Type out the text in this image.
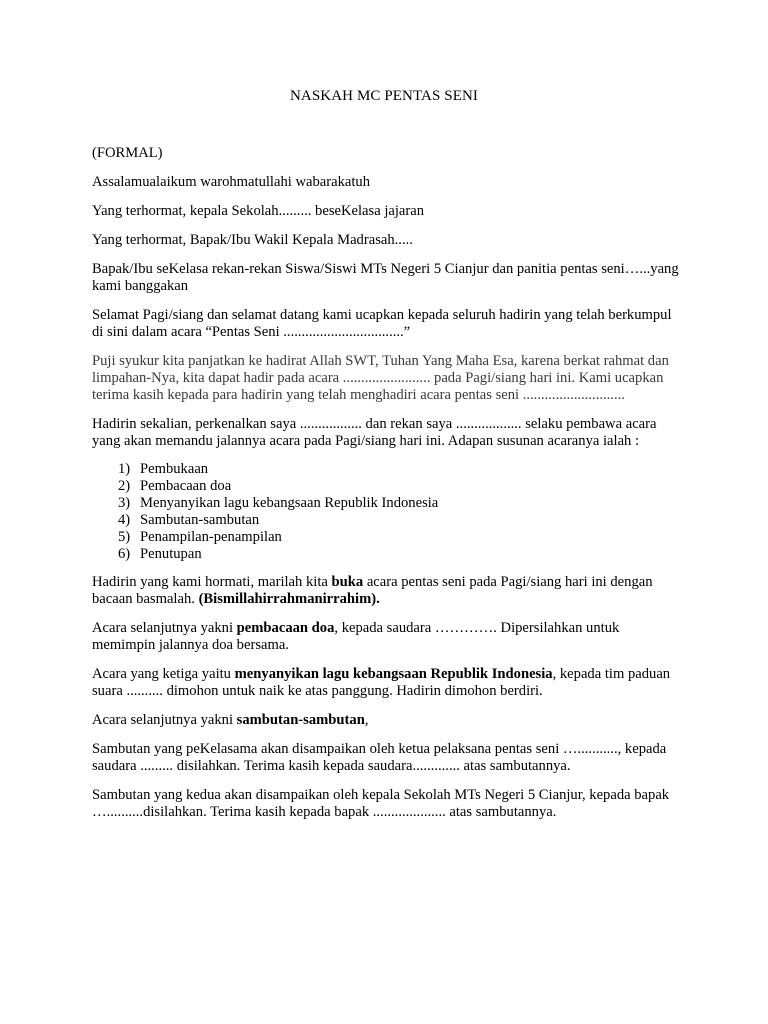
NASKAH MC PENTAS SENI

(FORMAL)

Assalamualaikum warohmatullahi wabarakatuh

Yang terhormat, kepala Sekolah......... beseKelasa jajaran

Yang terhormat, Bapak/Ibu Wakil Kepala Madrasah.....

Bapak/Ibu seKelasa rekan-rekan Siswa/Siswi MTs Negeri 5 Cianjur dan panitia pentas seni…...yang kami banggakan

Selamat Pagi/siang dan selamat datang kami ucapkan kepada seluruh hadirin yang telah berkumpul di sini dalam acara “Pentas Seni .................................”

Puji syukur kita panjatkan ke hadirat Allah SWT, Tuhan Yang Maha Esa, karena berkat rahmat dan limpahan-Nya, kita dapat hadir pada acara ........................ pada Pagi/siang hari ini. Kami ucapkan terima kasih kepada para hadirin yang telah menghadiri acara pentas seni ............................

Hadirin sekalian, perkenalkan saya ................. dan rekan saya .................. selaku pembawa acara yang akan memandu jalannya acara pada Pagi/siang hari ini. Adapan susunan acaranya ialah :

1) Pembukaan
2) Pembacaan doa
3) Menyanyikan lagu kebangsaan Republik Indonesia
4) Sambutan-sambutan
5) Penampilan-penampilan
6) Penutupan

Hadirin yang kami hormati, marilah kita buka acara pentas seni pada Pagi/siang hari ini dengan bacaan basmalah. (Bismillahirrahmanirrahim).

Acara selanjutnya yakni pembacaan doa, kepada saudara …………. Dipersilahkan untuk memimpin jalannya doa bersama.

Acara yang ketiga yaitu menyanyikan lagu kebangsaan Republik Indonesia, kepada tim paduan suara .......... dimohon untuk naik ke atas panggung. Hadirin dimohon berdiri.

Acara selanjutnya yakni sambutan-sambutan,

Sambutan yang peKelasama akan disampaikan oleh ketua pelaksana pentas seni …..........., kepada saudara ......... disilahkan. Terima kasih kepada saudara............. atas sambutannya.

Sambutan yang kedua akan disampaikan oleh kepala Sekolah MTs Negeri 5 Cianjur, kepada bapak …..........disilahkan. Terima kasih kepada bapak .................... atas sambutannya.
